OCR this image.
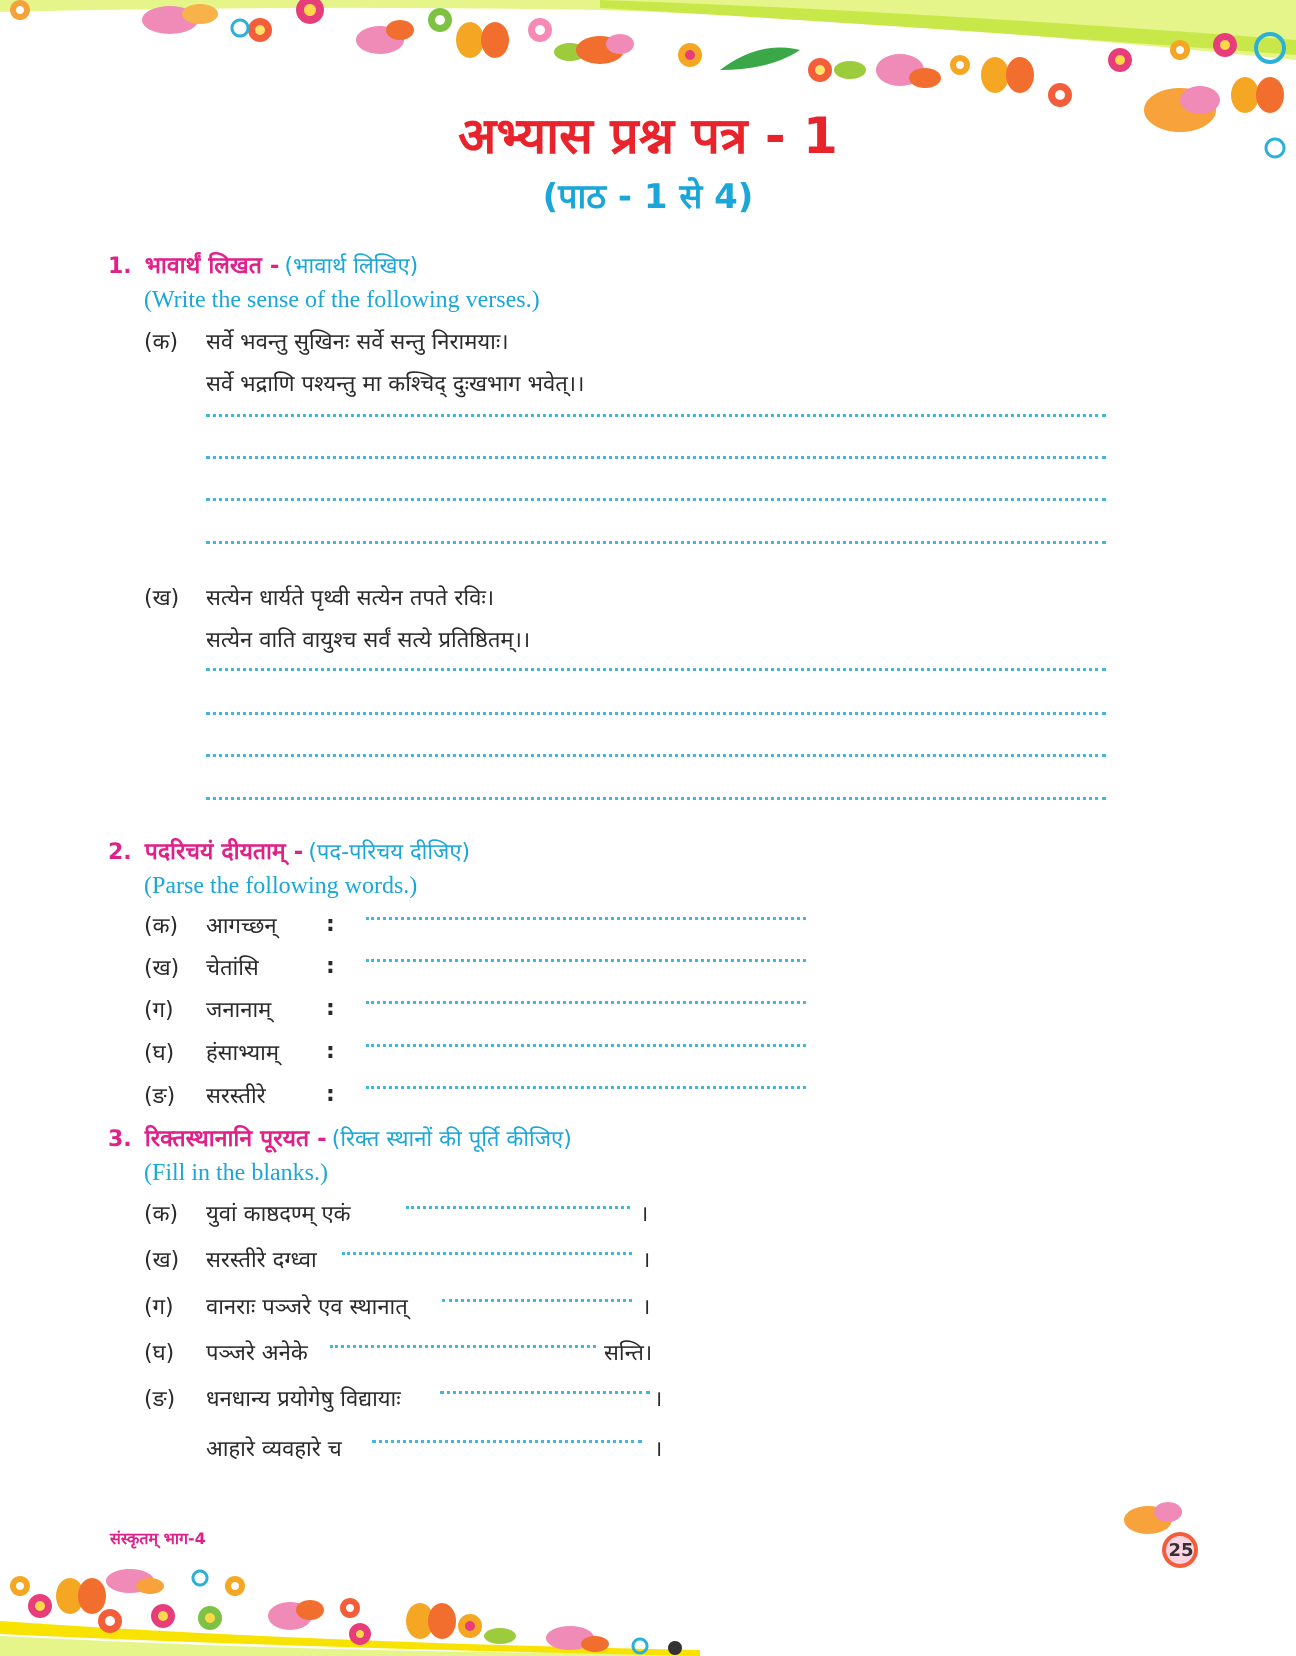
अभ्यास प्रश्न पत्र - 1
(पाठ - 1 से 4)
1. भावार्थं लिखत - (भावार्थ लिखिए)
(Write the sense of the following verses.)
(क) सर्वे भवन्तु सुखिनः सर्वे सन्तु निरामयाः।
सर्वे भद्राणि पश्यन्तु मा कश्चिद् दुःखभाग भवेत्।।
(ख) सत्येन धार्यते पृथ्वी सत्येन तपते रविः।
सत्येन वाति वायुश्च सर्वं सत्ये प्रतिष्ठितम्।।
2. पदरिचयं दीयताम् - (पद-परिचय दीजिए)
(Parse the following words.)
(क) आगच्छन् :
(ख) चेतांसि	:
(ग) जनानाम् :
(घ) हंसाभ्याम् :
(ङ) सरस्तीरे	:
3. रिक्तस्थानानि पूरयत - (रिक्त स्थानों की पूर्ति कीजिए)
(Fill in the blanks.)
(क) युवां काष्ठदण्म् एकं	।
(ख) सरस्तीरे दग्ध्वा	।
(ग) वानराः पञ्जरे एव स्थानात्	।
(घ) पञ्जरे अनेके	सन्ति।
(ङ) धनधान्य प्रयोगेषु विद्यायाः	।
आहारे व्यवहारे च	।
संस्कृतम् भाग-4
25
